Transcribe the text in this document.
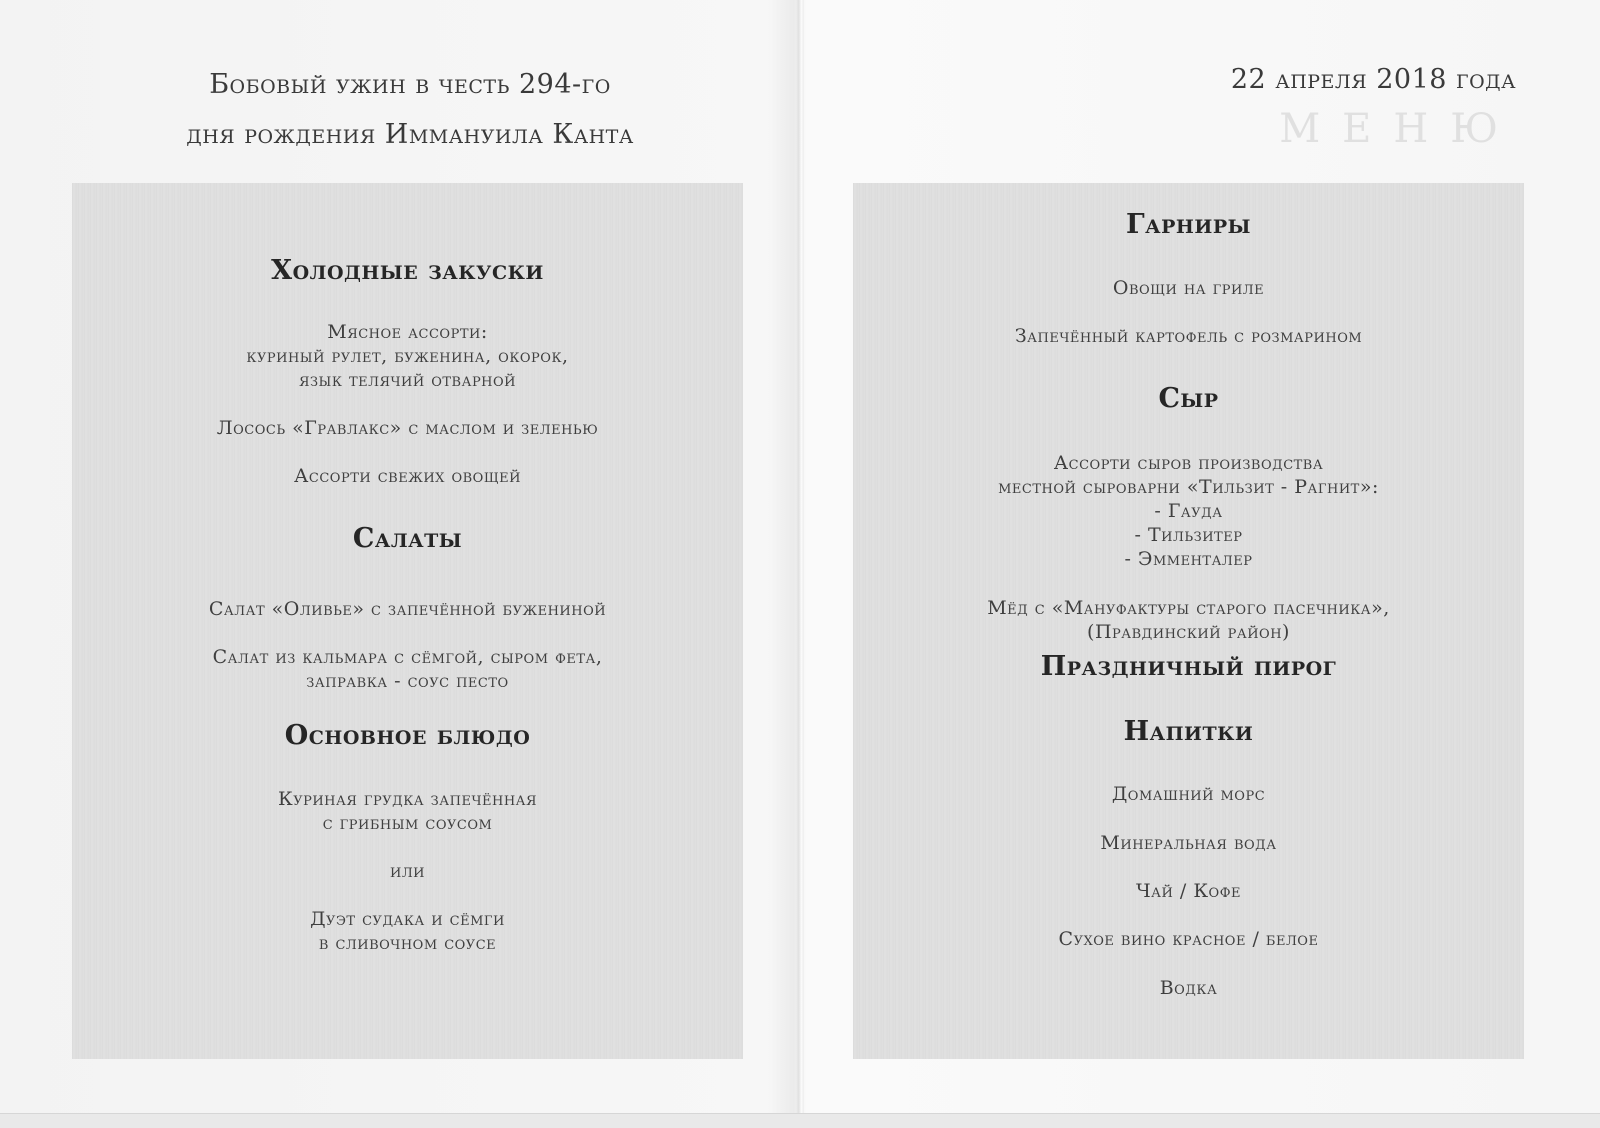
Бобовый ужин в честь 294-го
дня рождения Иммануила Канта
22 апреля 2018 года
МЕНЮ
Холодные закуски
Мясное ассорти:
куриный рулет, буженина, окорок,
язык телячий отварной
Лосось «Гравлакс» с маслом и зеленью
Ассорти свежих овощей
Салаты
Салат «Оливье» с запечённой бужениной
Салат из кальмара с сёмгой, сыром фета,
заправка - соус песто
Основное блюдо
Куриная грудка запечённая
с грибным соусом
или
Дуэт судака и сёмги
в сливочном соусе
Гарниры
Овощи на гриле
Запечённый картофель с розмарином
Сыр
Ассорти сыров производства
местной сыроварни «Тильзит - Рагнит»:
- Гауда
- Тильзитер
- Эмменталер
Мёд с «Мануфактуры старого пасечника»,
(Правдинский район)
Праздничный пирог
Напитки
Домашний морс
Минеральная вода
Чай / Кофе
Сухое вино красное / белое
Водка
